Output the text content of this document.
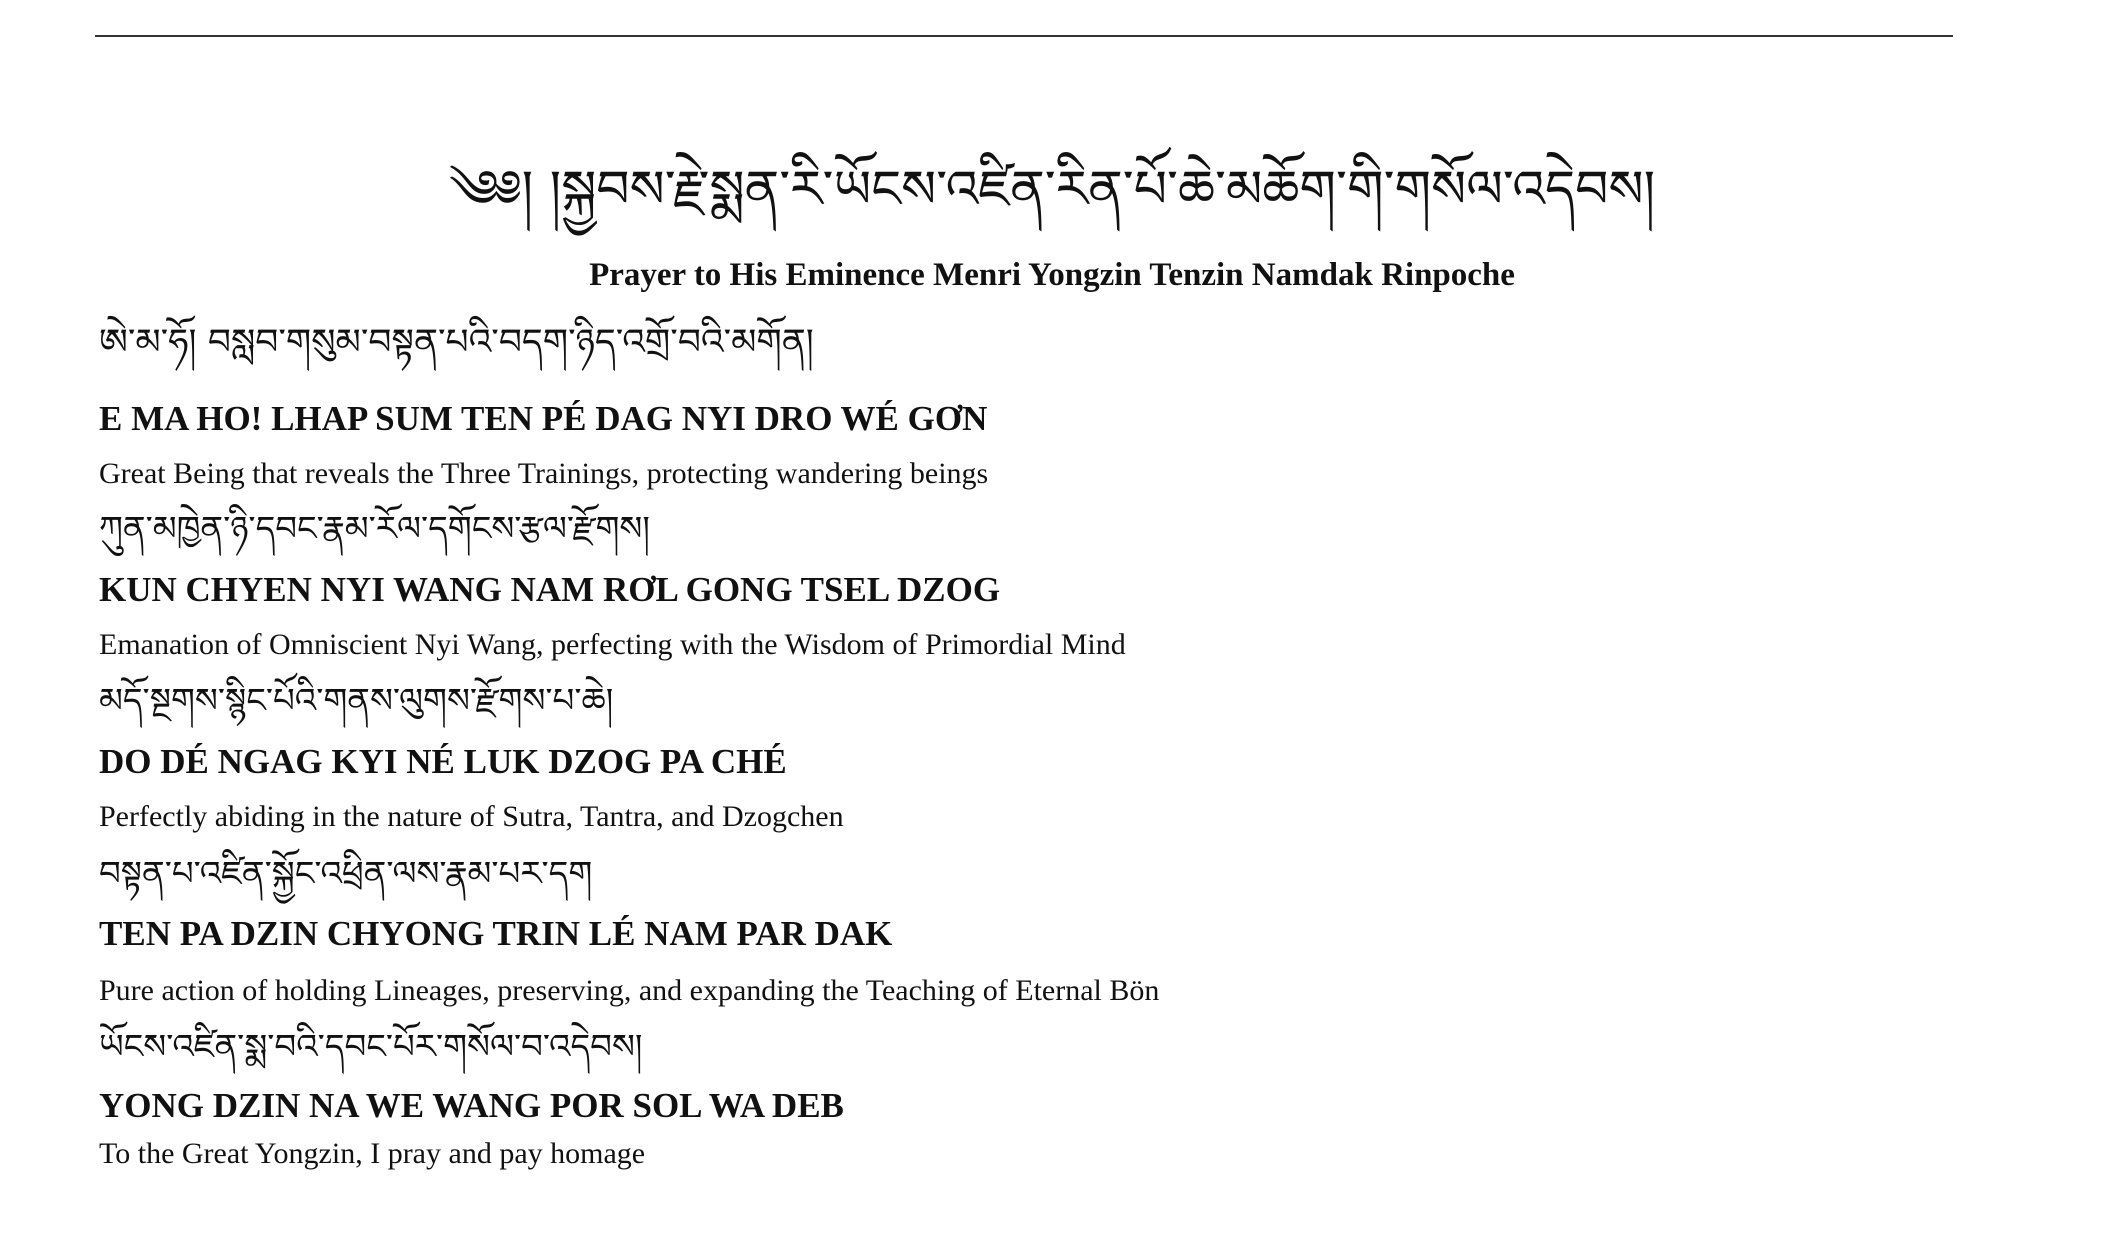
༄༅། །སྐྱབས་རྗེ་སྨན་རི་ཡོངས་འཛིན་རིན་པོ་ཆེ་མཆོག་གི་གསོལ་འདེབས།
Prayer to His Eminence Menri Yongzin Tenzin Namdak Rinpoche
ཨེ་མ་ཧོ། བསླབ་གསུམ་བསྟན་པའི་བདག་ཉིད་འགྲོ་བའི་མགོན།
E MA HO! LHAP SUM TEN PÉ DAG NYI DRO WÉ GƠN
Great Being that reveals the Three Trainings, protecting wandering beings
ཀུན་མཁྱེན་ཉི་དབང་རྣམ་རོལ་དགོངས་རྩལ་རྫོགས།
KUN CHYEN NYI WANG NAM RƠL GONG TSEL DZOG
Emanation of Omniscient Nyi Wang, perfecting with the Wisdom of Primordial Mind
མདོ་སྔགས་སྙིང་པོའི་གནས་ལུགས་རྫོགས་པ་ཆེ།
DO DÉ NGAG KYI NÉ LUK DZOG PA CHÉ
Perfectly abiding in the nature of Sutra, Tantra, and Dzogchen
བསྟན་པ་འཛིན་སྐྱོང་འཕྲིན་ལས་རྣམ་པར་དག
TEN PA DZIN CHYONG TRIN LÉ NAM PAR DAK
Pure action of holding Lineages, preserving, and expanding the Teaching of Eternal Bön
ཡོངས་འཛིན་སྨ་བའི་དབང་པོར་གསོལ་བ་འདེབས།
YONG DZIN NA WE WANG POR SOL WA DEB
To the Great Yongzin, I pray and pay homage
